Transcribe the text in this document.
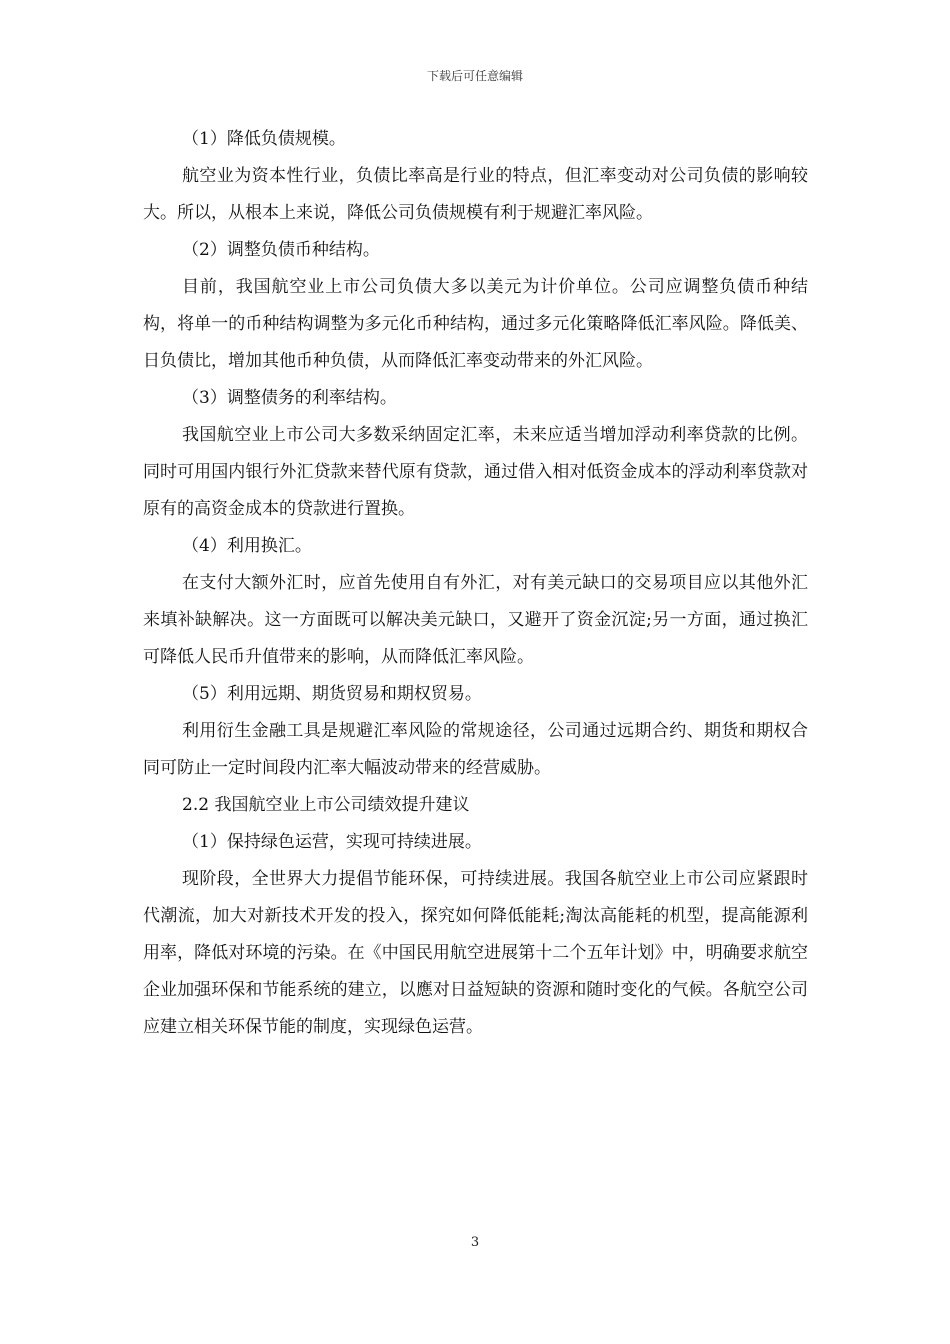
下载后可任意编辑

（1）降低负债规模。

航空业为资本性行业，负债比率高是行业的特点，但汇率变动对公司负债的影响较大。所以，从根本上来说，降低公司负债规模有利于规避汇率风险。

（2）调整负债币种结构。

目前，我国航空业上市公司负债大多以美元为计价单位。公司应调整负债币种结构，将单一的币种结构调整为多元化币种结构，通过多元化策略降低汇率风险。降低美、日负债比，增加其他币种负债，从而降低汇率变动带来的外汇风险。

（3）调整债务的利率结构。

我国航空业上市公司大多数采纳固定汇率，未来应适当增加浮动利率贷款的比例。同时可用国内银行外汇贷款来替代原有贷款，通过借入相对低资金成本的浮动利率贷款对原有的高资金成本的贷款进行置换。

（4）利用换汇。

在支付大额外汇时，应首先使用自有外汇，对有美元缺口的交易项目应以其他外汇来填补缺解决。这一方面既可以解决美元缺口，又避开了资金沉淀;另一方面，通过换汇可降低人民币升值带来的影响，从而降低汇率风险。

（5）利用远期、期货贸易和期权贸易。

利用衍生金融工具是规避汇率风险的常规途径，公司通过远期合约、期货和期权合同可防止一定时间段内汇率大幅波动带来的经营威胁。

2.2 我国航空业上市公司绩效提升建议

（1）保持绿色运营，实现可持续进展。

现阶段，全世界大力提倡节能环保，可持续进展。我国各航空业上市公司应紧跟时代潮流，加大对新技术开发的投入，探究如何降低能耗;淘汰高能耗的机型，提高能源利用率，降低对环境的污染。在《中国民用航空进展第十二个五年计划》中，明确要求航空企业加强环保和节能系统的建立，以應对日益短缺的资源和随时变化的气候。各航空公司应建立相关环保节能的制度，实现绿色运营。

3
